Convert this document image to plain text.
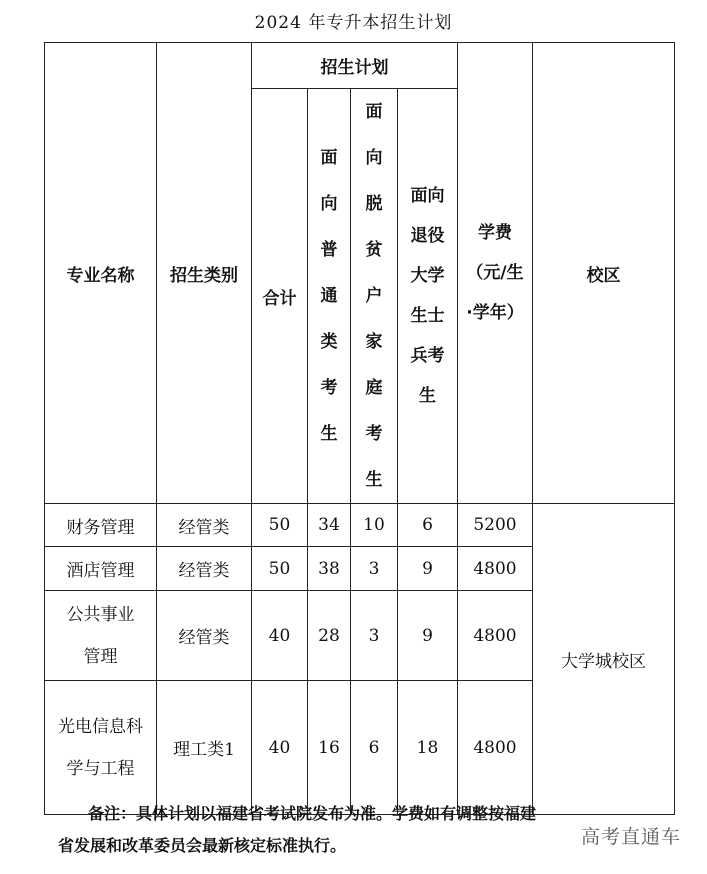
2024 年专升本招生计划
专业名称	招生类别	招生计划				学费（元/生·学年）	校区
		合计	面向普通类考生	面向脱贫户家庭考生	面向退役大学生士兵考生		
财务管理	经管类	50	34	10	6	5200	大学城校区
酒店管理	经管类	50	38	3	9	4800	
公共事业管理	经管类	40	28	3	9	4800	
光电信息科学与工程	理工类1	40	16	6	18	4800	
备注：具体计划以福建省考试院发布为准。学费如有调整按福建
省发展和改革委员会最新核定标准执行。	高考直通车
